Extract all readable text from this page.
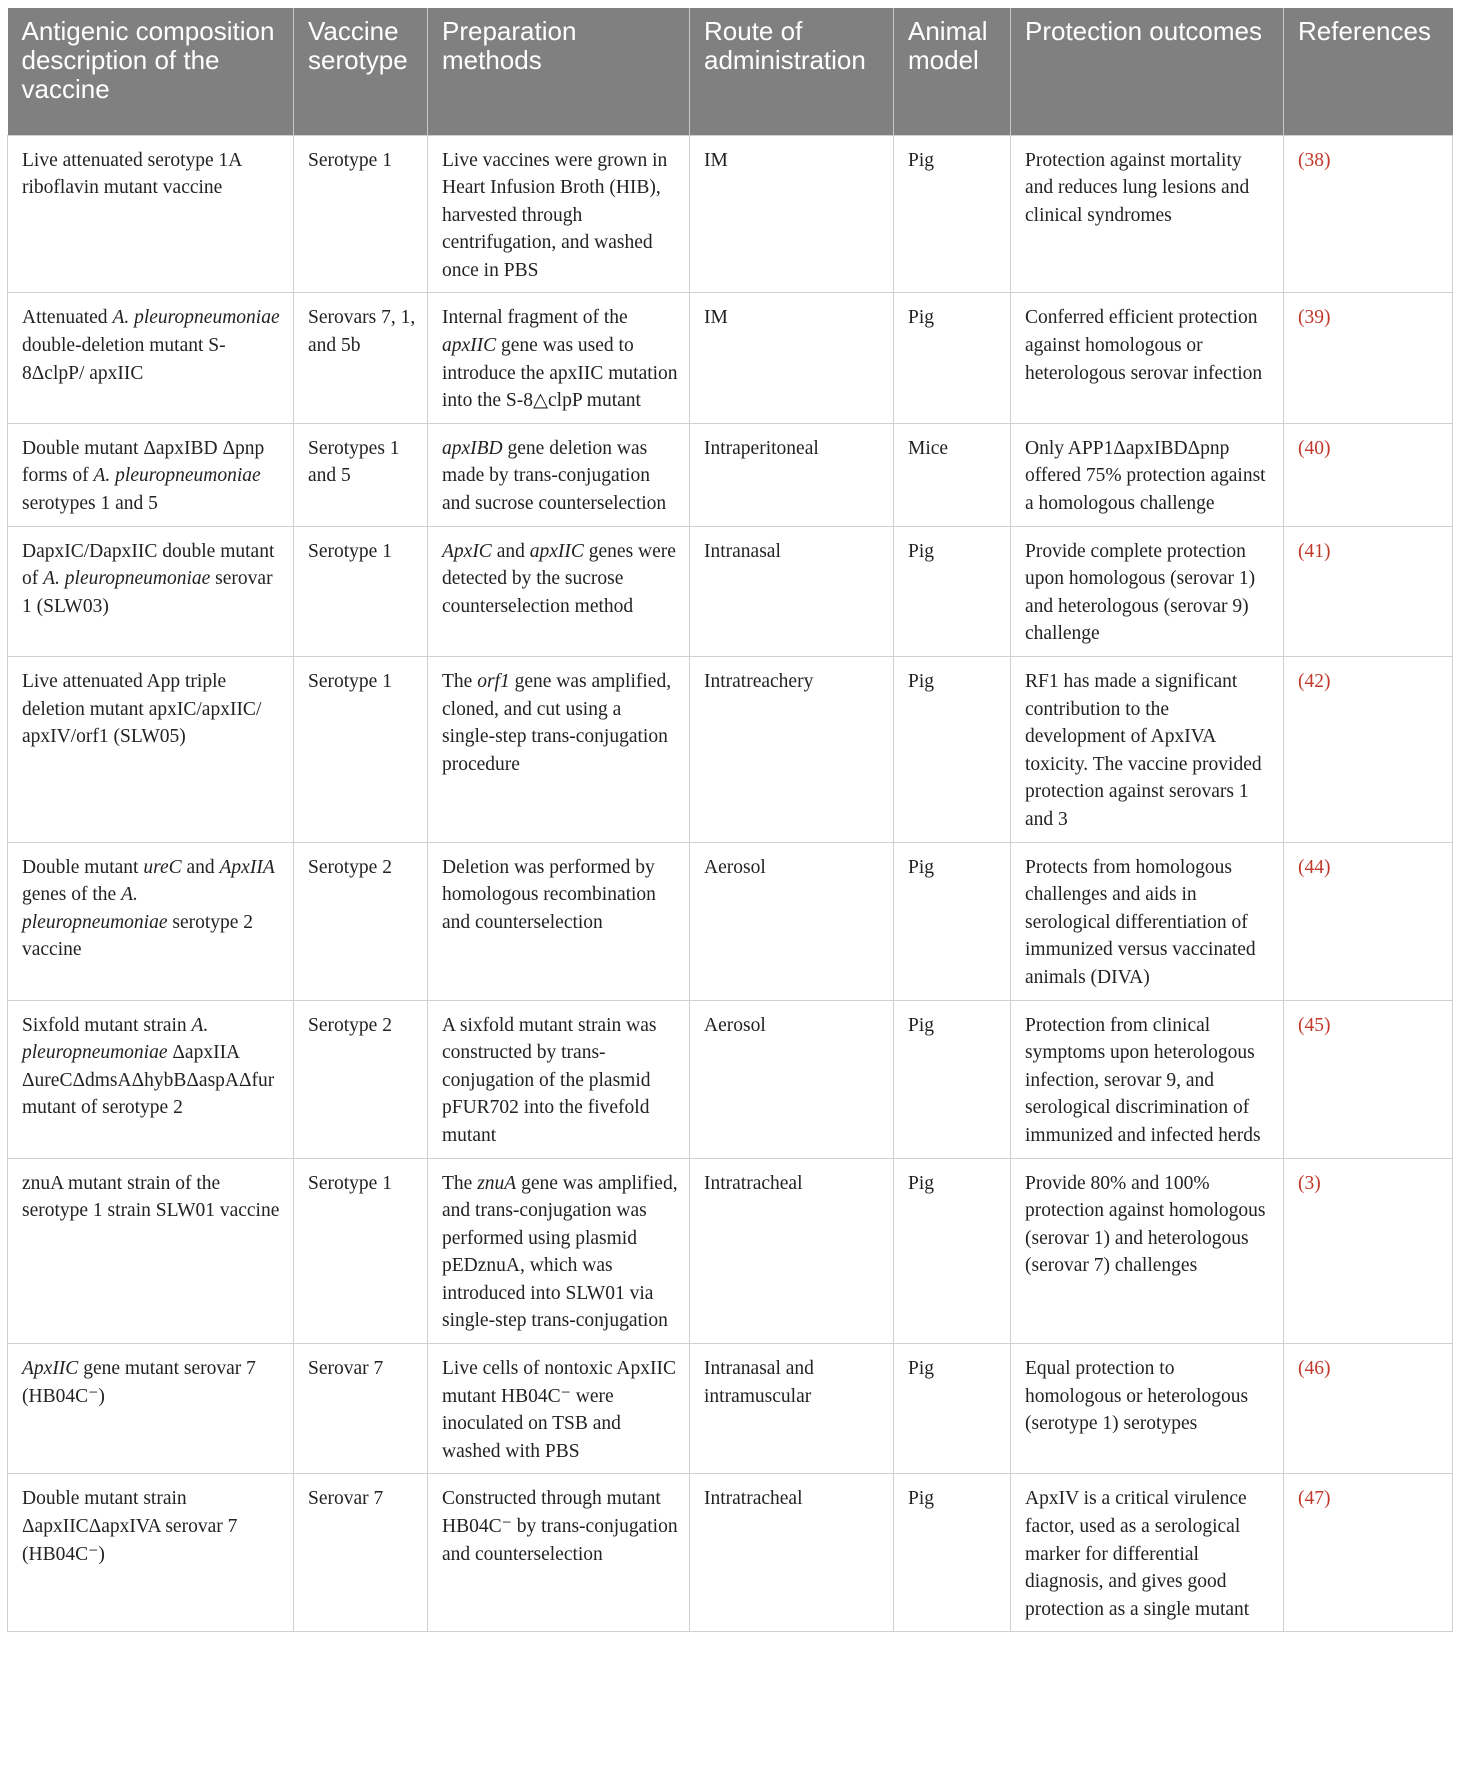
Antigenic composition description of the vaccine	Vaccine serotype	Preparation methods	Route of administration	Animal model	Protection outcomes	References
Live attenuated serotype 1A riboflavin mutant vaccine	Serotype 1	Live vaccines were grown in Heart Infusion Broth (HIB), harvested through centrifugation, and washed once in PBS	IM	Pig	Protection against mortality and reduces lung lesions and clinical syndromes	(38)
Attenuated A. pleuropneumoniae double-deletion mutant S-8ΔclpP/ apxIIC	Serovars 7, 1, and 5b	Internal fragment of the apxIIC gene was used to introduce the apxIIC mutation into the S-8△clpP mutant	IM	Pig	Conferred efficient protection against homologous or heterologous serovar infection	(39)
Double mutant ΔapxIBD Δpnp forms of A. pleuropneumoniae serotypes 1 and 5	Serotypes 1 and 5	apxIBD gene deletion was made by trans-conjugation and sucrose counterselection	Intraperitoneal	Mice	Only APP1ΔapxIBDΔpnp offered 75% protection against a homologous challenge	(40)
DapxIC/DapxIIC double mutant of A. pleuropneumoniae serovar 1 (SLW03)	Serotype 1	ApxIC and apxIIC genes were detected by the sucrose counterselection method	Intranasal	Pig	Provide complete protection upon homologous (serovar 1) and heterologous (serovar 9) challenge	(41)
Live attenuated App triple deletion mutant apxIC/apxIIC/ apxIV/orf1 (SLW05)	Serotype 1	The orf1 gene was amplified, cloned, and cut using a single-step trans-conjugation procedure	Intratreachery	Pig	RF1 has made a significant contribution to the development of ApxIVA toxicity. The vaccine provided protection against serovars 1 and 3	(42)
Double mutant ureC and ApxIIA genes of the A. pleuropneumoniae serotype 2 vaccine	Serotype 2	Deletion was performed by homologous recombination and counterselection	Aerosol	Pig	Protects from homologous challenges and aids in serological differentiation of immunized versus vaccinated animals (DIVA)	(44)
Sixfold mutant strain A. pleuropneumoniae ΔapxIIA ΔureCΔdmsAΔhybBΔaspAΔfur mutant of serotype 2	Serotype 2	A sixfold mutant strain was constructed by trans-conjugation of the plasmid pFUR702 into the fivefold mutant	Aerosol	Pig	Protection from clinical symptoms upon heterologous infection, serovar 9, and serological discrimination of immunized and infected herds	(45)
znuA mutant strain of the serotype 1 strain SLW01 vaccine	Serotype 1	The znuA gene was amplified, and trans-conjugation was performed using plasmid pEDznuA, which was introduced into SLW01 via single-step trans-conjugation	Intratracheal	Pig	Provide 80% and 100% protection against homologous (serovar 1) and heterologous (serovar 7) challenges	(3)
ApxIIC gene mutant serovar 7 (HB04C⁻)	Serovar 7	Live cells of nontoxic ApxIIC mutant HB04C⁻ were inoculated on TSB and washed with PBS	Intranasal and intramuscular	Pig	Equal protection to homologous or heterologous (serotype 1) serotypes	(46)
Double mutant strain ΔapxIICΔapxIVA serovar 7 (HB04C⁻)	Serovar 7	Constructed through mutant HB04C⁻ by trans-conjugation and counterselection	Intratracheal	Pig	ApxIV is a critical virulence factor, used as a serological marker for differential diagnosis, and gives good protection as a single mutant	(47)
